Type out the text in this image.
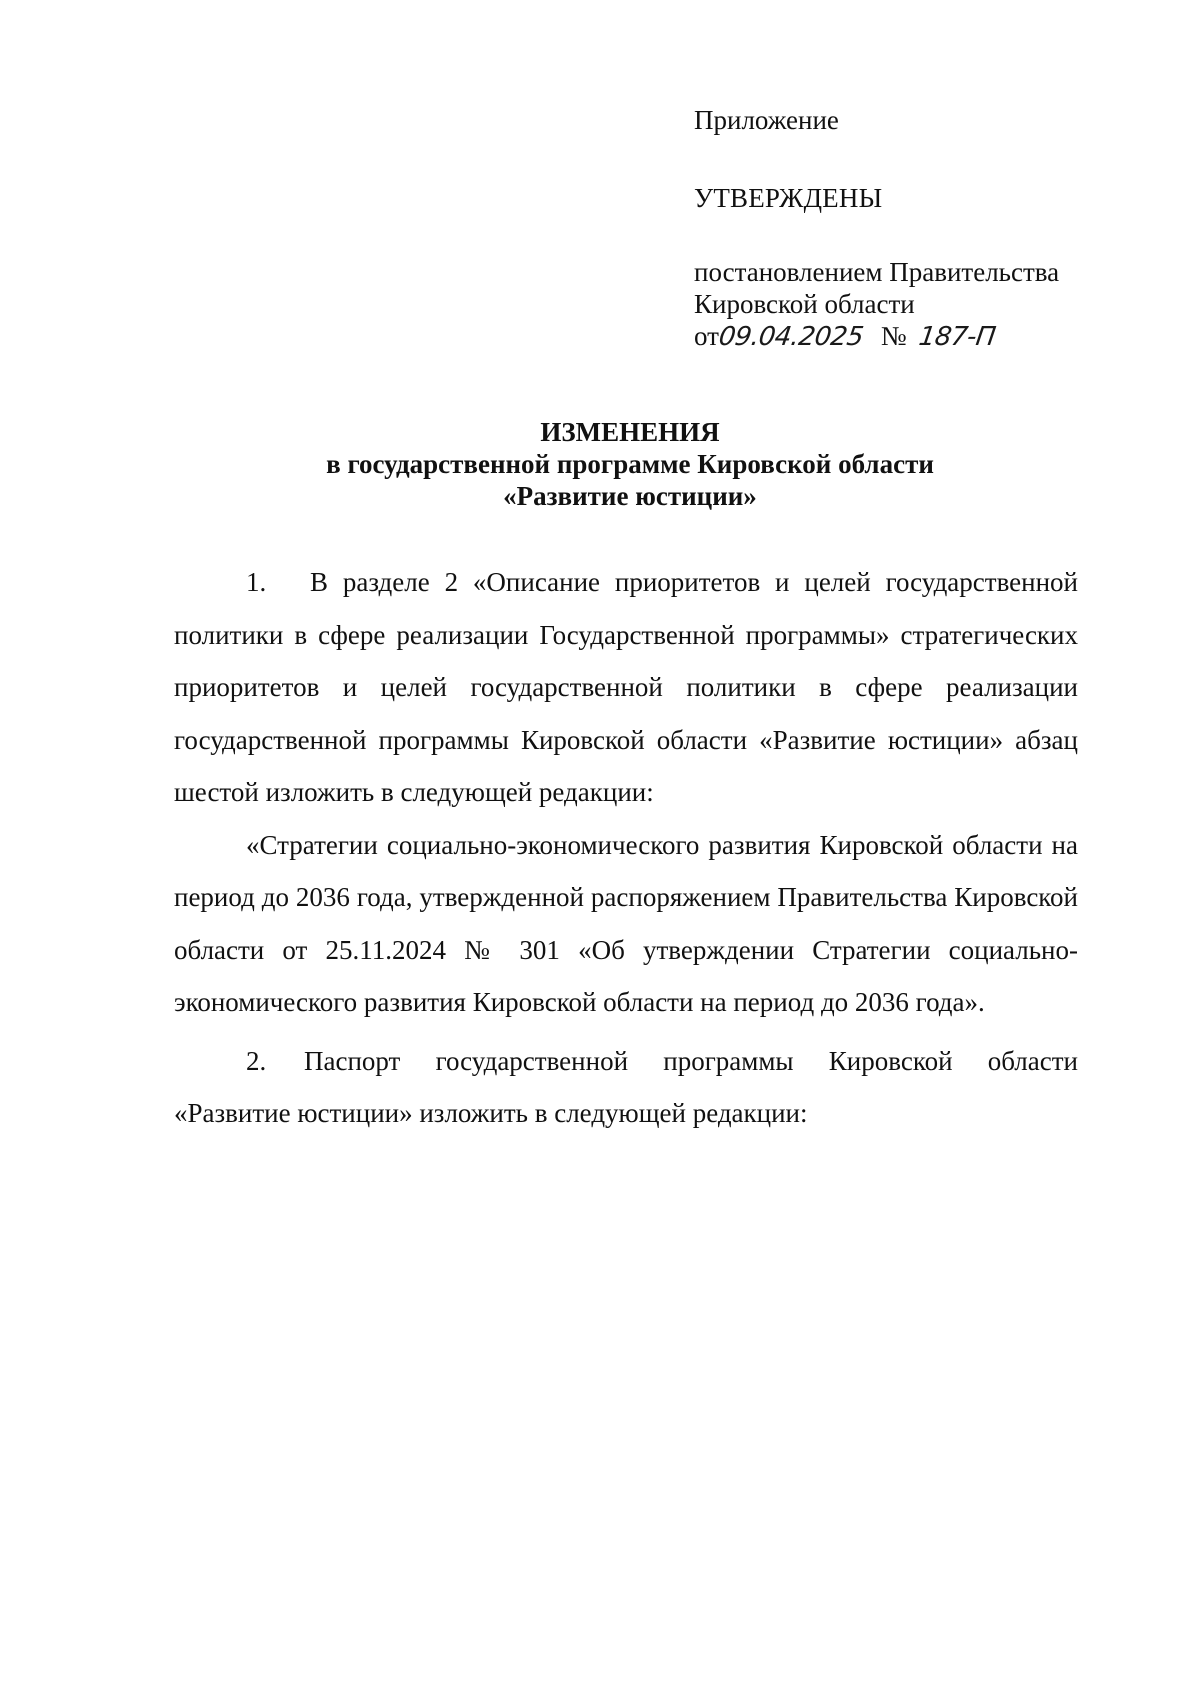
Приложение

УТВЕРЖДЕНЫ

постановлением Правительства

Кировской области

от09.04.2025 № 187-П

ИЗМЕНЕНИЯ
в государственной программе Кировской области
«Развитие юстиции»

1. В разделе 2 «Описание приоритетов и целей государственной политики в сфере реализации Государственной программы» стратегических приоритетов и целей государственной политики в сфере реализации государственной программы Кировской области «Развитие юстиции» абзац шестой изложить в следующей редакции:

«Стратегии социально-экономического развития Кировской области на период до 2036 года, утвержденной распоряжением Правительства Кировской области от 25.11.2024 № 301 «Об утверждении Стратегии социально-экономического развития Кировской области на период до 2036 года».

2. Паспорт государственной программы Кировской области «Развитие юстиции» изложить в следующей редакции:
